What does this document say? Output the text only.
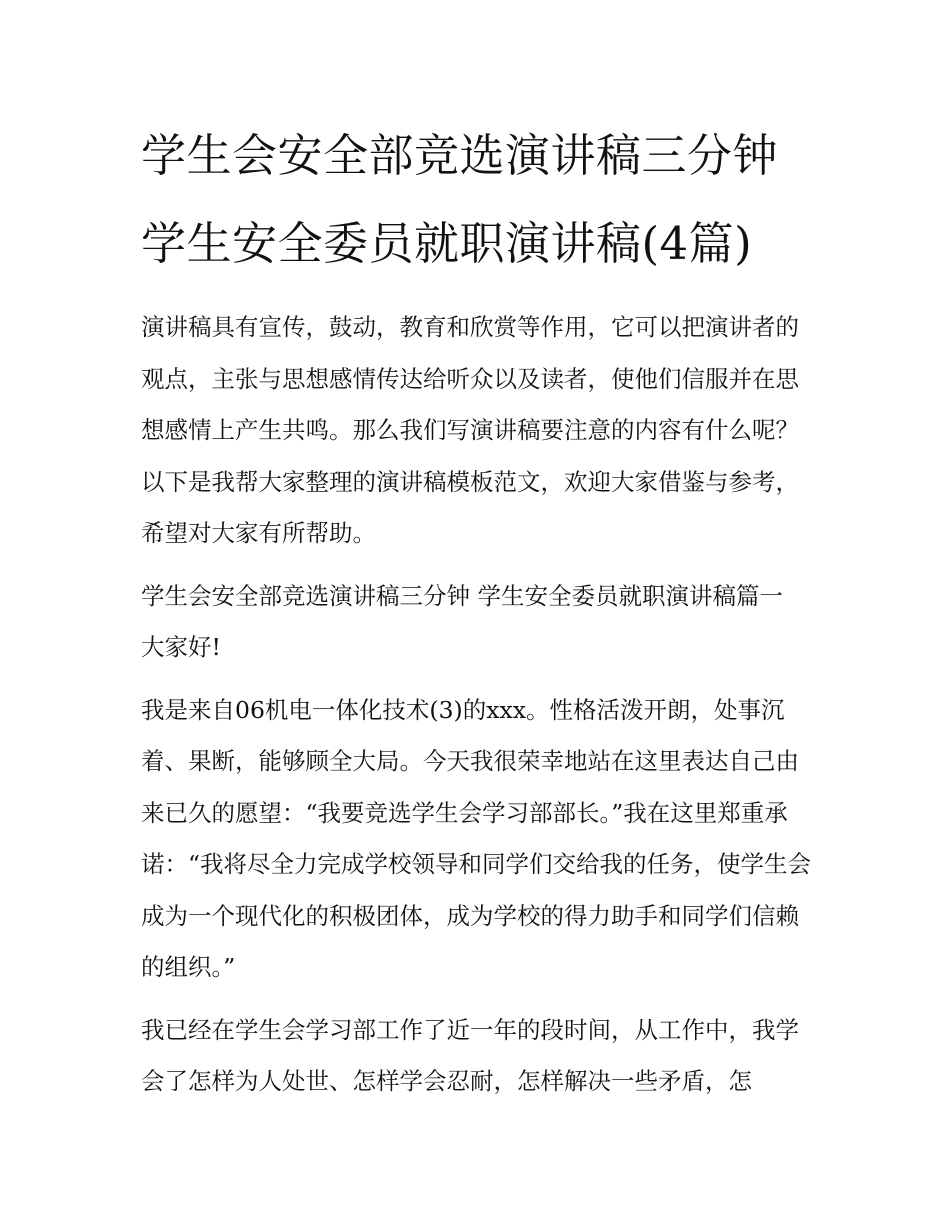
学生会安全部竞选演讲稿三分钟 学生安全委员就职演讲稿(4篇)

演讲稿具有宣传，鼓动，教育和欣赏等作用，它可以把演讲者的观点，主张与思想感情传达给听众以及读者，使他们信服并在思想感情上产生共鸣。那么我们写演讲稿要注意的内容有什么呢？以下是我帮大家整理的演讲稿模板范文，欢迎大家借鉴与参考，希望对大家有所帮助。

学生会安全部竞选演讲稿三分钟 学生安全委员就职演讲稿篇一 大家好!

我是来自06机电一体化技术(3)的xxx。性格活泼开朗，处事沉着、果断，能够顾全大局。今天我很荣幸地站在这里表达自己由来已久的愿望：“我要竞选学生会学习部部长。”我在这里郑重承诺：“我将尽全力完成学校领导和同学们交给我的任务，使学生会成为一个现代化的积极团体，成为学校的得力助手和同学们信赖的组织。”

我已经在学生会学习部工作了近一年的段时间，从工作中，我学会了怎样为人处世、怎样学会忍耐，怎样解决一些矛盾，怎
